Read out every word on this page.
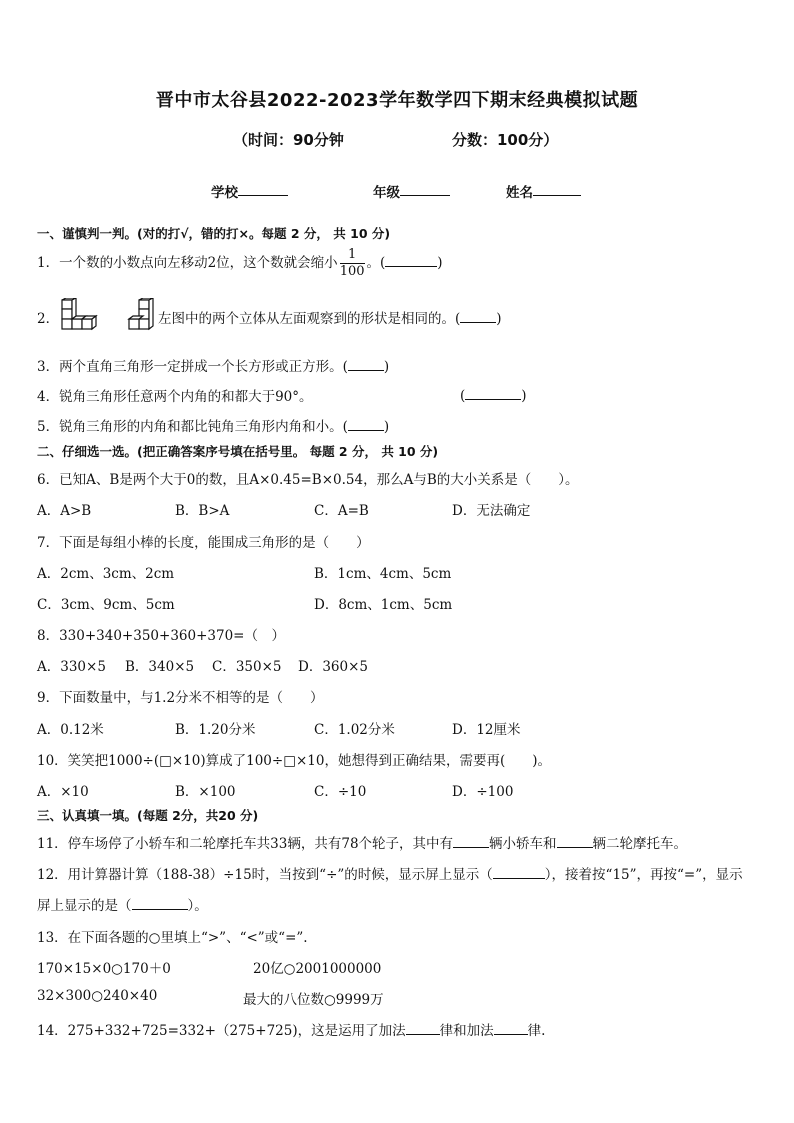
晋中市太谷县2022-2023学年数学四下期末经典模拟试题
（时间：90分钟	分数：100分）
学校	年级	姓名
一、谨慎判一判。(对的打√，错的打×。每题 2 分， 共 10 分)
1．一个数的小数点向左移动2位，这个数就会缩小 $\frac{1}{100}$ 。(	)
2．	左图中的两个立体从左面观察到的形状是相同的。(	)
3．两个直角三角形一定拼成一个长方形或正方形。(	)
4．锐角三角形任意两个内角的和都大于90°。	(	)
5．锐角三角形的内角和都比钝角三角形内角和小。(	)
二、仔细选一选。(把正确答案序号填在括号里。 每题 2 分， 共 10 分)
6．已知A、B是两个大于0的数，且A×0.45=B×0.54，那么A与B的大小关系是（　　）。
A．A>B	B．B>A	C．A=B	D．无法确定
7．下面是每组小棒的长度，能围成三角形的是（　　）
A．2cm、3cm、2cm	B．1cm、4cm、5cm
C．3cm、9cm、5cm	D．8cm、1cm、5cm
8．330+340+350+360+370=（　）
A．330×5 B．340×5 C．350×5 D．360×5
9．下面数量中，与1.2分米不相等的是（　　）
A．0.12米	B．1.20分米	C．1.02分米	D．12厘米
10．笑笑把1000÷(□×10)算成了100÷□×10，她想得到正确结果，需要再(　　)。
A．×10	B．×100	C．÷10	D．÷100
三、认真填一填。(每题 2分，共20 分)
11．停车场停了小轿车和二轮摩托车共33辆，共有78个轮子，其中有	辆小轿车和	辆二轮摩托车。
12．用计算器计算（188-38）÷15时，当按到“÷”的时候，显示屏上显示（	），接着按“15”，再按“=”，显示
屏上显示的是（	）。
13．在下面各题的○里填上“>”、“<”或“=”.
170×15×0○170＋0	20亿○2001000000
32×300○240×40	最大的八位数○9999万
14．275+332+725=332+（275+725)，这是运用了加法	律和加法	律.
